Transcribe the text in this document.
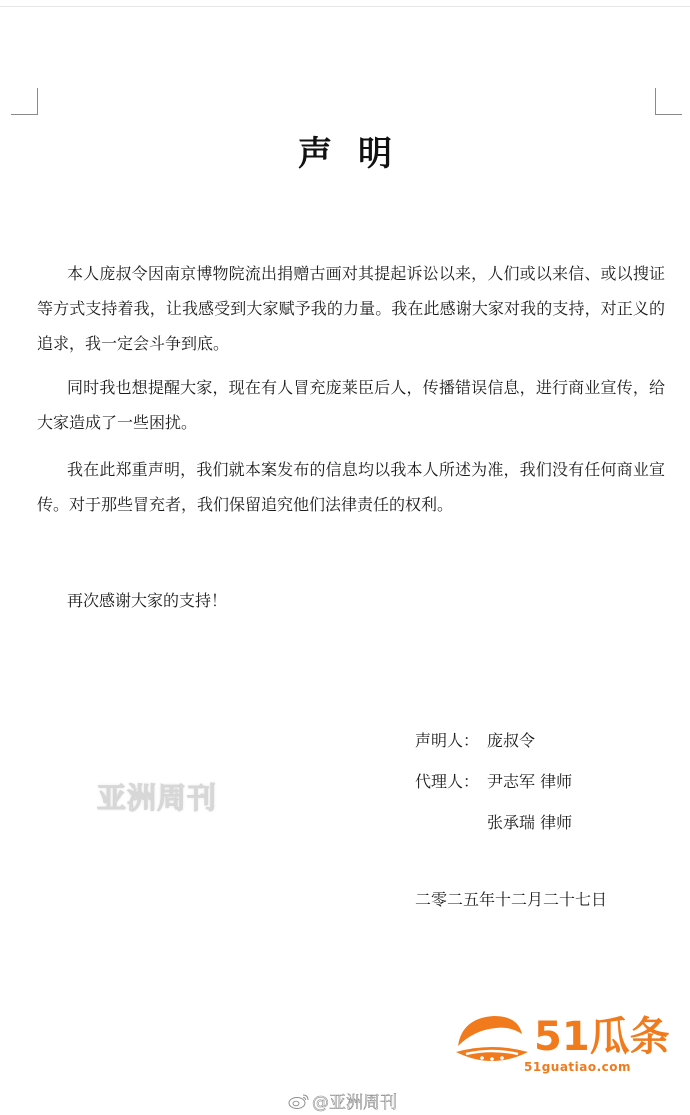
声明

本人庞叔令因南京博物院流出捐赠古画对其提起诉讼以来，人们或以来信、或以搜证等方式支持着我，让我感受到大家赋予我的力量。我在此感谢大家对我的支持，对正义的追求，我一定会斗争到底。

同时我也想提醒大家，现在有人冒充庞莱臣后人，传播错误信息，进行商业宣传，给大家造成了一些困扰。

我在此郑重声明，我们就本案发布的信息均以我本人所述为准，我们没有任何商业宣传。对于那些冒充者，我们保留追究他们法律责任的权利。

再次感谢大家的支持！

声明人： 庞叔令
代理人： 尹志军 律师
张承瑞 律师
二零二五年十二月二十七日
亚洲周刊
51瓜条
51guatiao.com
@亚洲周刊
